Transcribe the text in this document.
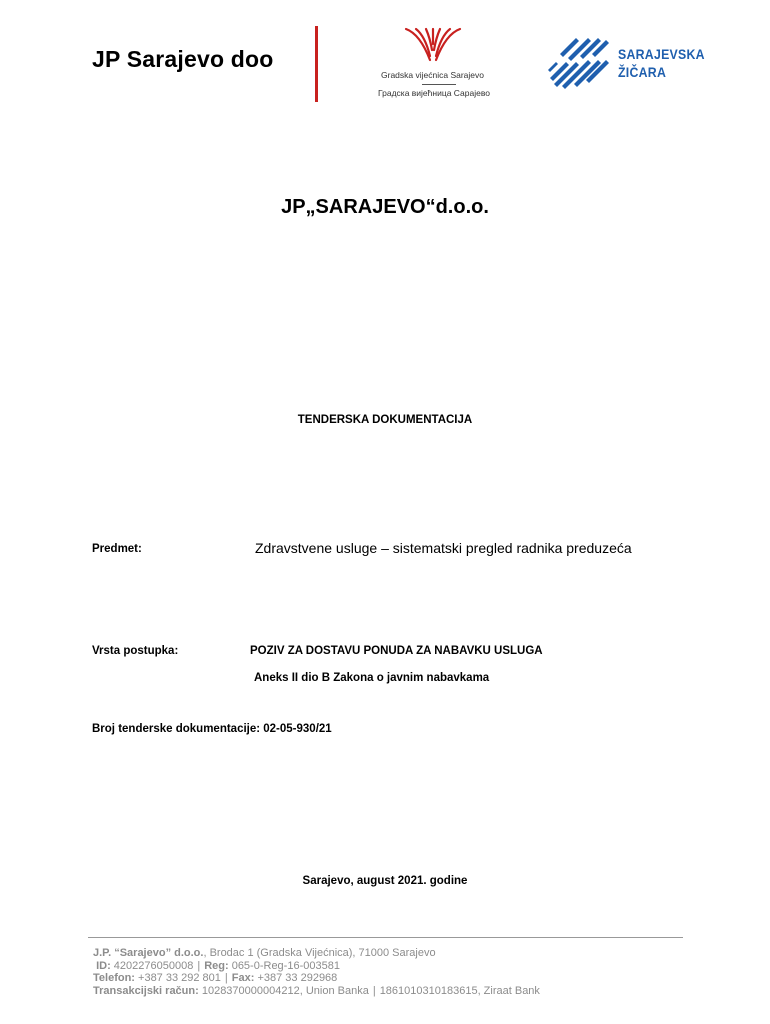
JP Sarajevo doo
Gradska vijećnica Sarajevo
Градска вијећница Сарајево
SARAJEVSKA
ŽIČARA
JP„SARAJEVO“d.o.o.
TENDERSKA DOKUMENTACIJA
Predmet:	Zdravstvene usluge – sistematski pregled radnika preduzeća
Vrsta postupka:	POZIV ZA DOSTAVU PONUDA ZA NABAVKU USLUGA
Aneks II dio B Zakona o javnim nabavkama
Broj tenderske dokumentacije: 02-05-930/21
Sarajevo, august 2021. godine
J.P. “Sarajevo” d.o.o., Brodac 1 (Gradska Vijećnica), 71000 Sarajevo
ID: 4202276050008 | Reg: 065-0-Reg-16-003581
Telefon: +387 33 292 801 | Fax: +387 33 292968
Transakcijski račun: 1028370000004212, Union Banka | 1861010310183615, Ziraat Bank
